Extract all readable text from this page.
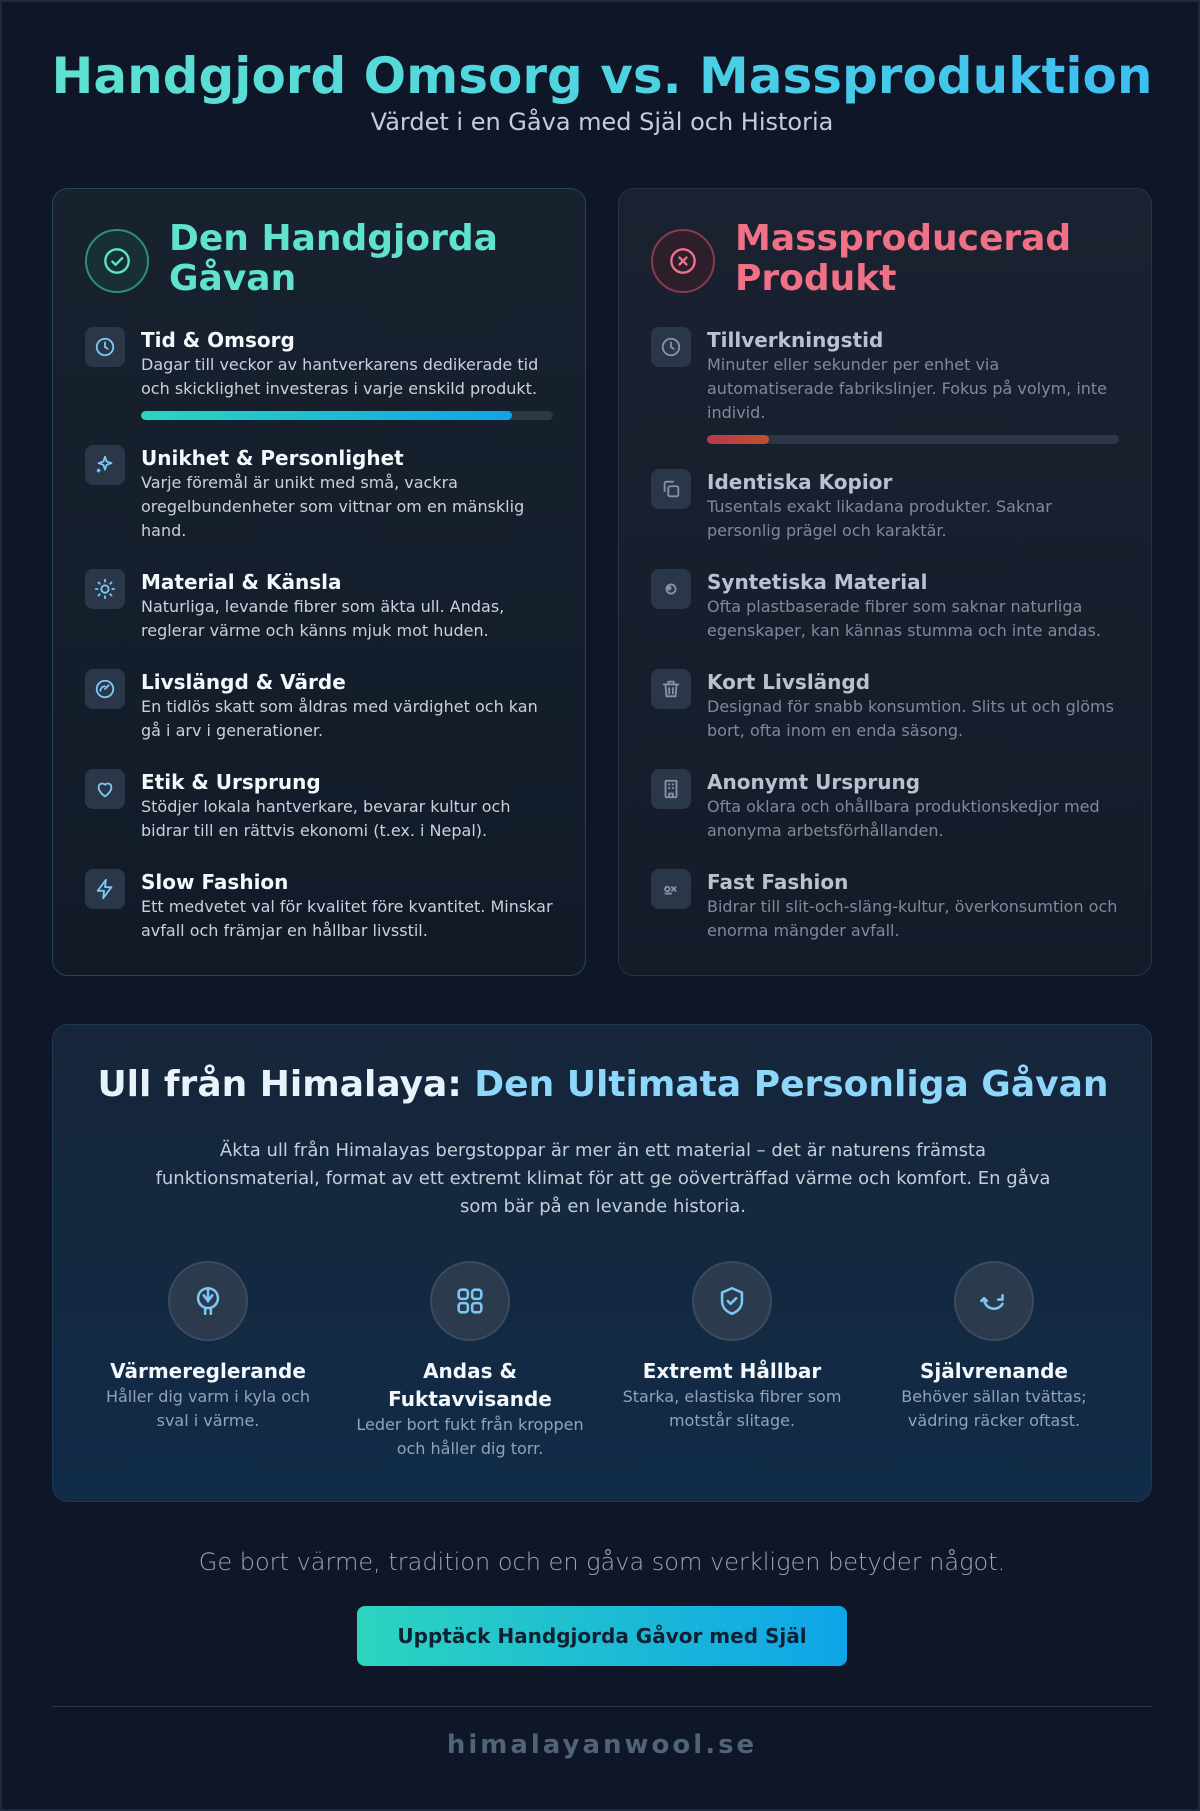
Handgjord Omsorg vs. Massproduktion
Värdet i en Gåva med Själ och Historia
Den Handgjorda Gåvan
Tid & Omsorg

Dagar till veckor av hantverkarens dedikerade tid och skicklighet investeras i varje enskild produkt.

Unikhet & Personlighet

Varje föremål är unikt med små, vackra oregelbundenheter som vittnar om en mänsklig hand.

Material & Känsla

Naturliga, levande fibrer som äkta ull. Andas, reglerar värme och känns mjuk mot huden.

Livslängd & Värde

En tidlös skatt som åldras med värdighet och kan gå i arv i generationer.

Etik & Ursprung

Stödjer lokala hantverkare, bevarar kultur och bidrar till en rättvis ekonomi (t.ex. i Nepal).

Slow Fashion

Ett medvetet val för kvalitet före kvantitet. Minskar avfall och främjar en hållbar livsstil.

Massproducerad Produkt
Tillverkningstid

Minuter eller sekunder per enhet via automatiserade fabrikslinjer. Fokus på volym, inte individ.

Identiska Kopior

Tusentals exakt likadana produkter. Saknar personlig prägel och karaktär.

Syntetiska Material

Ofta plastbaserade fibrer som saknar naturliga egenskaper, kan kännas stumma och inte andas.

Kort Livslängd

Designad för snabb konsumtion. Slits ut och glöms bort, ofta inom en enda säsong.

Anonymt Ursprung

Ofta oklara och ohållbara produktionskedjor med anonyma arbetsförhållanden.

Fast Fashion

Bidrar till slit-och-släng-kultur, överkonsumtion och enorma mängder avfall.

Ull från Himalaya: Den Ultimata Personliga Gåvan

Äkta ull från Himalayas bergstoppar är mer än ett material – det är naturens främsta funktionsmaterial, format av ett extremt klimat för att ge oöverträffad värme och komfort. En gåva som bär på en levande historia.

Värmereglerande

Håller dig varm i kyla och sval i värme.

Andas & Fuktavvisande

Leder bort fukt från kroppen och håller dig torr.

Extremt Hållbar

Starka, elastiska fibrer som motstår slitage.

Självrenande

Behöver sällan tvättas; vädring räcker oftast.

Ge bort värme, tradition och en gåva som verkligen betyder något.

Upptäck Handgjorda Gåvor med Själ
himalayanwool.se
